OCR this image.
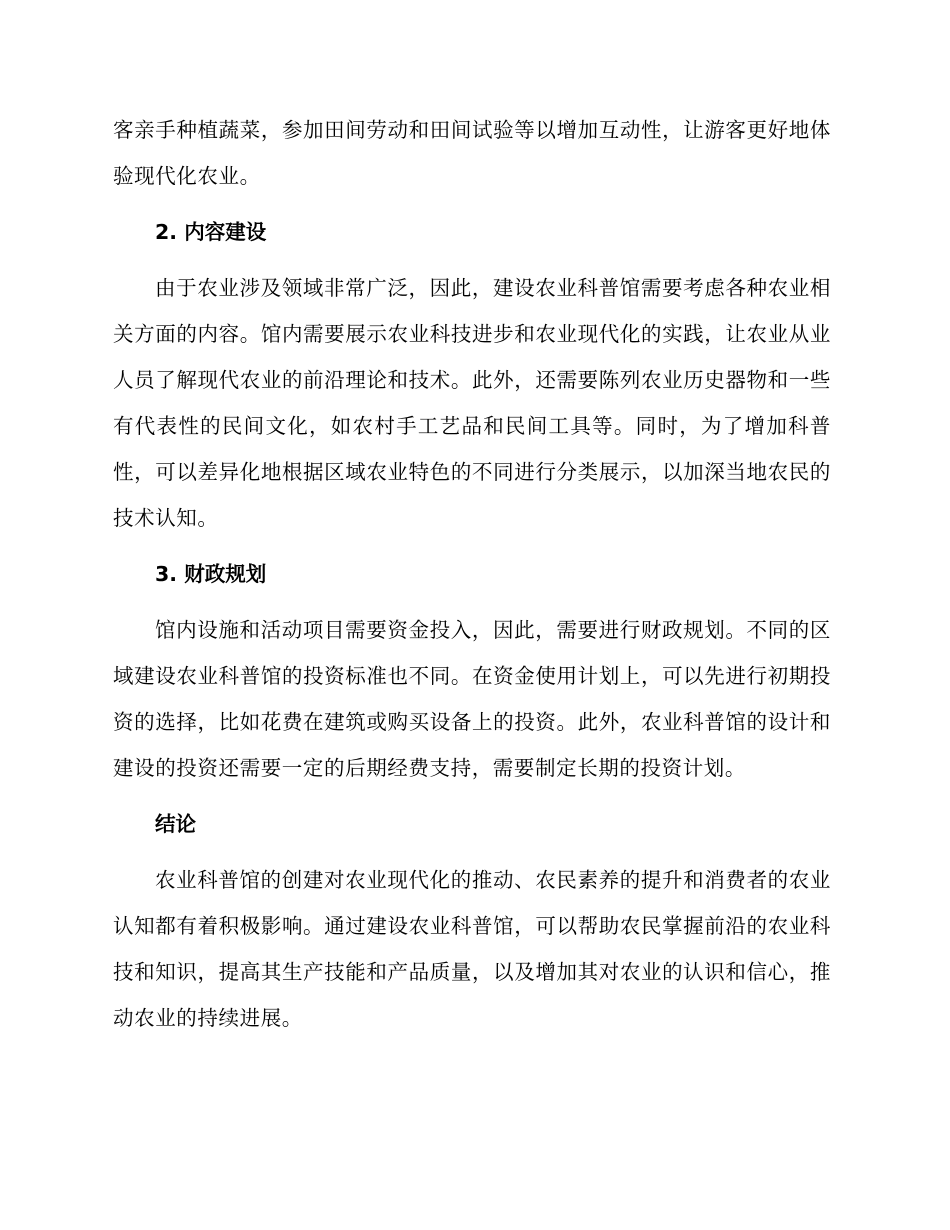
客亲手种植蔬菜，参加田间劳动和田间试验等以增加互动性，让游客更好地体验现代化农业。

2. 内容建设

由于农业涉及领域非常广泛，因此，建设农业科普馆需要考虑各种农业相关方面的内容。馆内需要展示农业科技进步和农业现代化的实践，让农业从业人员了解现代农业的前沿理论和技术。此外，还需要陈列农业历史器物和一些有代表性的民间文化，如农村手工艺品和民间工具等。同时，为了增加科普性，可以差异化地根据区域农业特色的不同进行分类展示，以加深当地农民的技术认知。

3. 财政规划

馆内设施和活动项目需要资金投入，因此，需要进行财政规划。不同的区域建设农业科普馆的投资标准也不同。在资金使用计划上，可以先进行初期投资的选择，比如花费在建筑或购买设备上的投资。此外，农业科普馆的设计和建设的投资还需要一定的后期经费支持，需要制定长期的投资计划。

结论

农业科普馆的创建对农业现代化的推动、农民素养的提升和消费者的农业认知都有着积极影响。通过建设农业科普馆，可以帮助农民掌握前沿的农业科技和知识，提高其生产技能和产品质量，以及增加其对农业的认识和信心，推动农业的持续进展。
